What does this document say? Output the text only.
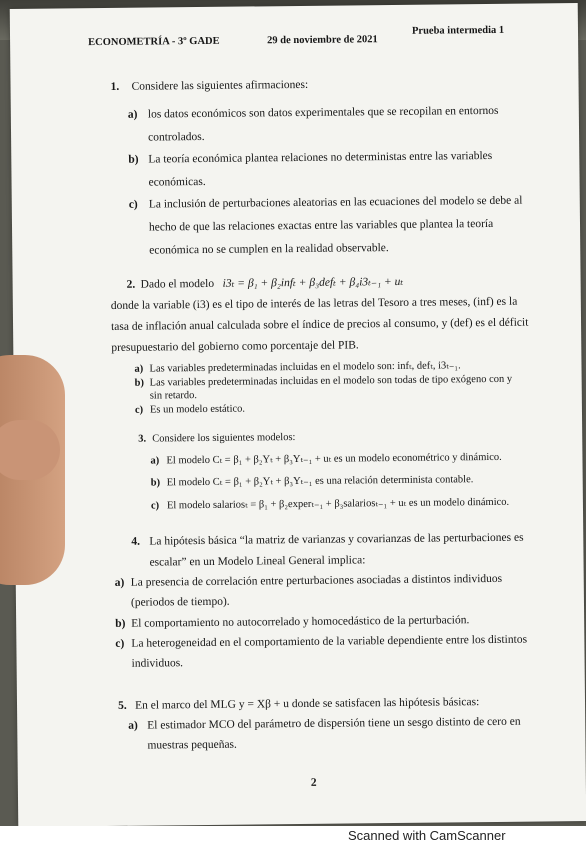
ECONOMETRÍA - 3º GADE	29 de noviembre de 2021
Prueba intermedia 1
1. Considere las siguientes afirmaciones:
a) los datos económicos son datos experimentales que se recopilan en entornos
controlados.
b) La teoría económica plantea relaciones no deterministas entre las variables
económicas.
c) La inclusión de perturbaciones aleatorias en las ecuaciones del modelo se debe al
hecho de que las relaciones exactas entre las variables que plantea la teoría
económica no se cumplen en la realidad observable.
2. Dado el modelo i3ₜ = β₁ + β₂infₜ + β₃defₜ + β₄i3ₜ₋₁ + uₜ
donde la variable (i3) es el tipo de interés de las letras del Tesoro a tres meses, (inf) es la
tasa de inflación anual calculada sobre el índice de precios al consumo, y (def) es el déficit
presupuestario del gobierno como porcentaje del PIB.
a) Las variables predeterminadas incluidas en el modelo son: infₜ, defₜ, i3ₜ₋₁.
b) Las variables predeterminadas incluidas en el modelo son todas de tipo exógeno con y
sin retardo.
c) Es un modelo estático.
3. Considere los siguientes modelos:
a) El modelo Cₜ = β₁ + β₂Yₜ + β₃Yₜ₋₁ + uₜ es un modelo econométrico y dinámico.
b) El modelo Cₜ = β₁ + β₂Yₜ + β₃Yₜ₋₁ es una relación determinista contable.
c) El modelo salariosₜ = β₁ + β₂experₜ₋₁ + β₃salariosₜ₋₁ + uₜ es un modelo dinámico.
4. La hipótesis básica “la matriz de varianzas y covarianzas de las perturbaciones es
escalar” en un Modelo Lineal General implica:
a) La presencia de correlación entre perturbaciones asociadas a distintos individuos
(periodos de tiempo).
b) El comportamiento no autocorrelado y homocedástico de la perturbación.
c) La heterogeneidad en el comportamiento de la variable dependiente entre los distintos
individuos.
5. En el marco del MLG y = Xβ + u donde se satisfacen las hipótesis básicas:
a) El estimador MCO del parámetro de dispersión tiene un sesgo distinto de cero en
muestras pequeñas.
2
Scanned with CamScanner
